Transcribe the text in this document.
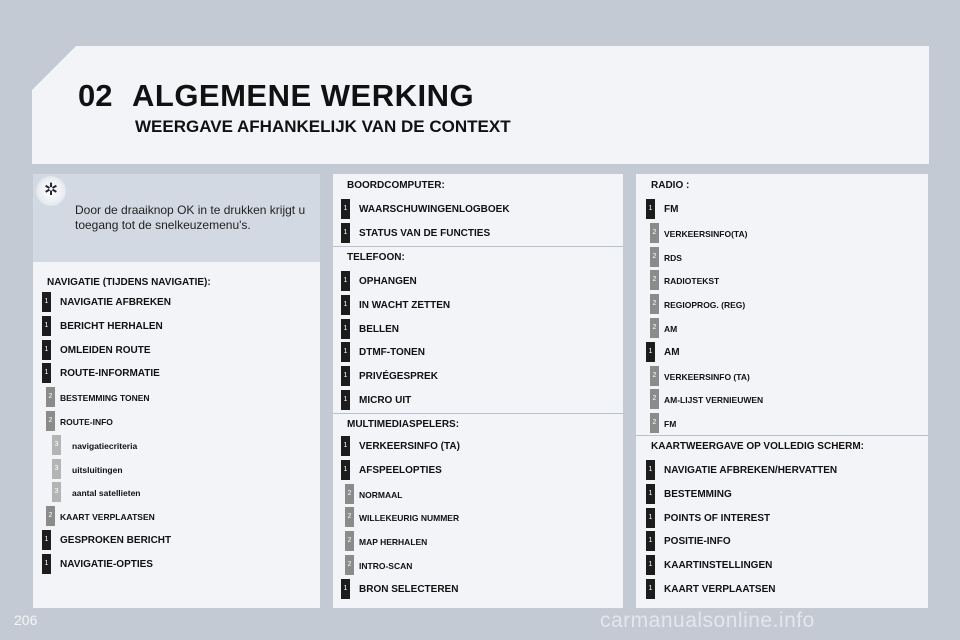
02 ALGEMENE WERKING
WEERGAVE AFHANKELIJK VAN DE CONTEXT
✲
Door de draaiknop OK in te drukken krijgt u toegang tot de snelkeuzemenu's.
NAVIGATIE (TIJDENS NAVIGATIE):
1 NAVIGATIE AFBREKEN
1 BERICHT HERHALEN
1 OMLEIDEN ROUTE
1 ROUTE-INFORMATIE
2 BESTEMMING TONEN
2 ROUTE-INFO
3 navigatiecriteria
3 uitsluitingen
3 aantal satellieten
2 KAART VERPLAATSEN
1 GESPROKEN BERICHT
1 NAVIGATIE-OPTIES
BOORDCOMPUTER:
1 WAARSCHUWINGENLOGBOEK
1 STATUS VAN DE FUNCTIES
TELEFOON:
1 OPHANGEN
1 IN WACHT ZETTEN
1 BELLEN
1 DTMF-TONEN
1 PRIVÉGESPREK
1 MICRO UIT
MULTIMEDIASPELERS:
1 VERKEERSINFO (TA)
1 AFSPEELOPTIES
2 NORMAAL
2 WILLEKEURIG NUMMER
2 MAP HERHALEN
2 INTRO-SCAN
1 BRON SELECTEREN
RADIO :
1 FM
2 VERKEERSINFO(TA)
2 RDS
2 RADIOTEKST
2 REGIOPROG. (REG)
2 AM
1 AM
2 VERKEERSINFO (TA)
2 AM-LIJST VERNIEUWEN
2 FM
KAARTWEERGAVE OP VOLLEDIG SCHERM:
1 NAVIGATIE AFBREKEN/HERVATTEN
1 BESTEMMING
1 POINTS OF INTEREST
1 POSITIE-INFO
1 KAARTINSTELLINGEN
1 KAART VERPLAATSEN
206	carmanualsonline.info
